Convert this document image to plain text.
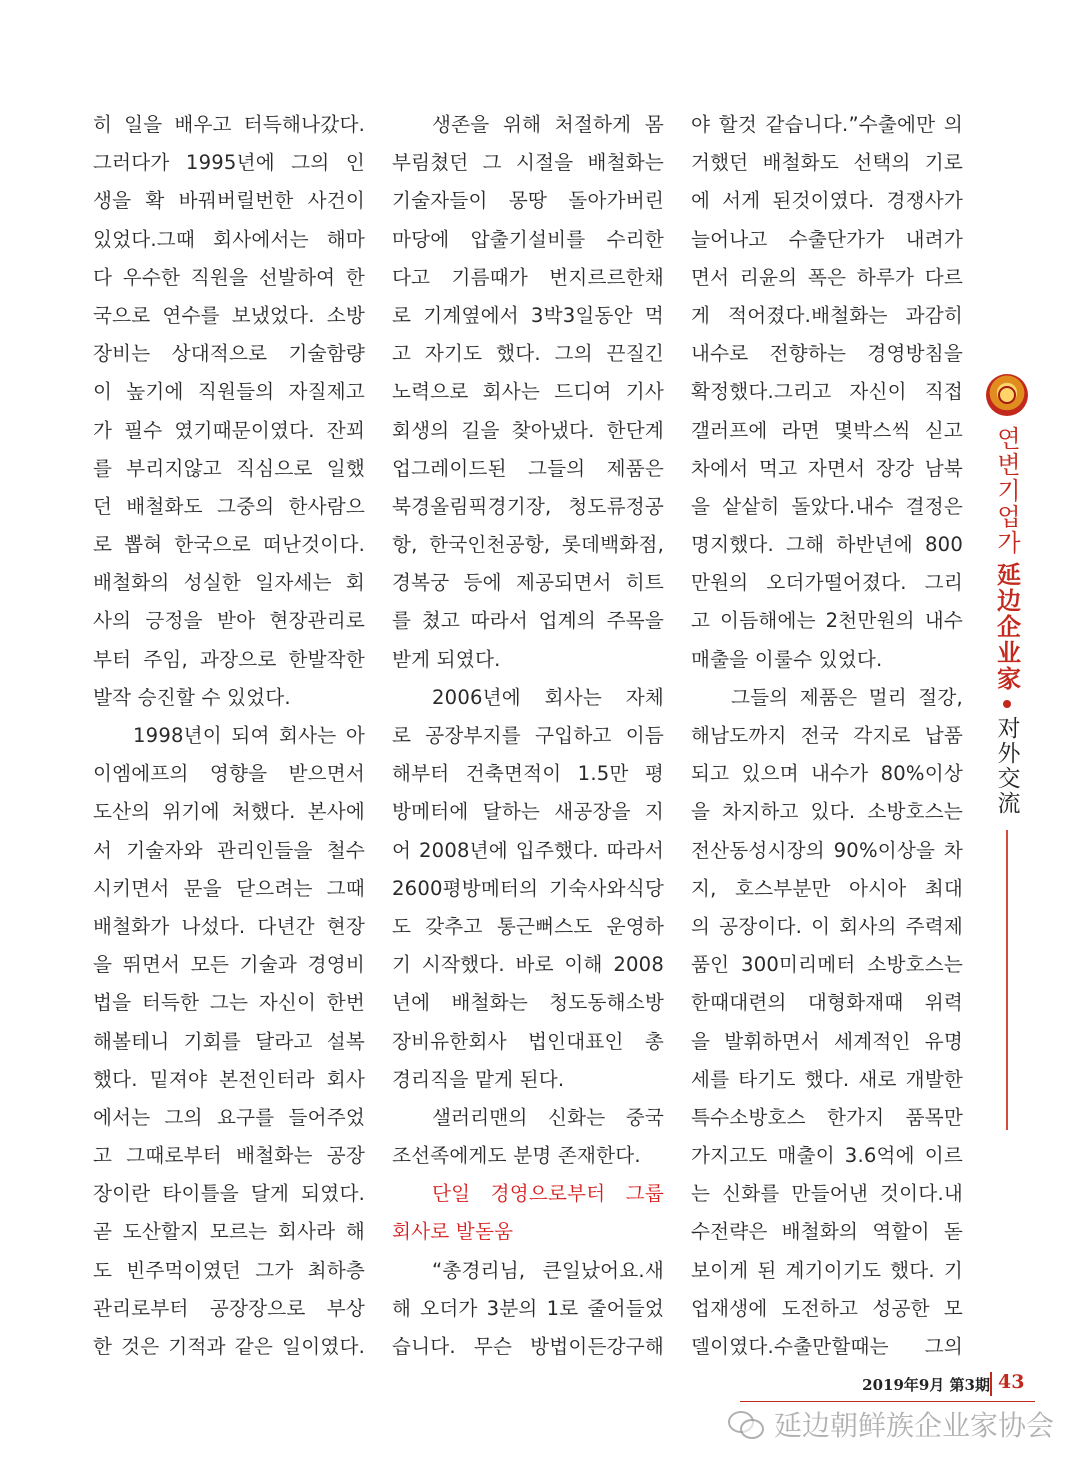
히 일을 배우고 터득해나갔다.
그러다가 1995년에 그의 인
생을 확 바꿔버릴번한 사건이
있었다.그때 회사에서는 해마
다 우수한 직원을 선발하여 한
국으로 연수를 보냈었다. 소방
장비는 상대적으로 기술함량
이 높기에 직원들의 자질제고
가 필수 였기때문이였다. 잔꾀
를 부리지않고 직심으로 일했
던 배철화도 그중의 한사람으
로 뽑혀 한국으로 떠난것이다.
배철화의 성실한 일자세는 회
사의 긍정을 받아 현장관리로
부터 주임, 과장으로 한발작한
발작 승진할 수 있었다.
1998년이 되여 회사는 아
이엠에프의 영향을 받으면서
도산의 위기에 처했다. 본사에
서 기술자와 관리인들을 철수
시키면서 문을 닫으려는 그때
배철화가 나섰다. 다년간 현장
을 뛰면서 모든 기술과 경영비
법을 터득한 그는 자신이 한번
해볼테니 기회를 달라고 설복
했다. 밑져야 본전인터라 회사
에서는 그의 요구를 들어주었
고 그때로부터 배철화는 공장
장이란 타이틀을 달게 되였다.
곧 도산할지 모르는 회사라 해
도 빈주먹이였던 그가 최하층
관리로부터 공장장으로 부상
한 것은 기적과 같은 일이였다.
생존을 위해 처절하게 몸
부림쳤던 그 시절을 배철화는
기술자들이 몽땅 돌아가버린
마당에 압출기설비를 수리한
다고 기름때가 번지르르한채
로 기계옆에서 3박3일동안 먹
고 자기도 했다. 그의 끈질긴
노력으로 회사는 드디여 기사
회생의 길을 찾아냈다. 한단계
업그레이드된 그들의 제품은
북경올림픽경기장, 청도류정공
항, 한국인천공항, 롯데백화점,
경복궁 등에 제공되면서 히트
를 쳤고 따라서 업계의 주목을
받게 되였다.
2006년에 회사는 자체
로 공장부지를 구입하고 이듬
해부터 건축면적이 1.5만 평
방메터에 달하는 새공장을 지
어 2008년에 입주했다. 따라서
2600평방메터의 기숙사와식당
도 갖추고 통근뻐스도 운영하
기 시작했다. 바로 이해 2008
년에 배철화는 청도동해소방
장비유한회사 법인대표인 총
경리직을 맡게 된다.
샐러리맨의 신화는 중국
조선족에게도 분명 존재한다.
단일 경영으로부터 그룹
회사로 발돋움
“총경리님, 큰일났어요.새
해 오더가 3분의 1로 줄어들었
습니다. 무슨 방법이든강구해
야 할것 같습니다.”수출에만 의
거했던 배철화도 선택의 기로
에 서게 된것이였다. 경쟁사가
늘어나고 수출단가가 내려가
면서 리윤의 폭은 하루가 다르
게 적어졌다.배철화는 과감히
내수로 전향하는 경영방침을
확정했다.그리고 자신이 직접
갤러프에 라면 몇박스씩 싣고
차에서 먹고 자면서 장강 남북
을 샅샅히 돌았다.내수 결정은
명지했다. 그해 하반년에 800
만원의 오더가떨어졌다. 그리
고 이듬해에는 2천만원의 내수
매출을 이룰수 있었다.
그들의 제품은 멀리 절강,
해남도까지 전국 각지로 납품
되고 있으며 내수가 80%이상
을 차지하고 있다. 소방호스는
전산동성시장의 90%이상을 차
지, 호스부분만 아시아 최대
의 공장이다. 이 회사의 주력제
품인 300미리메터 소방호스는
한때대련의 대형화재때 위력
을 발휘하면서 세계적인 유명
세를 타기도 했다. 새로 개발한
특수소방호스 한가지 품목만
가지고도 매출이 3.6억에 이르
는 신화를 만들어낸 것이다.내
수전략은 배철화의 역할이 돋
보이게 된 계기이기도 했다. 기
업재생에 도전하고 성공한 모
델이였다.수출만할때는 그의
연변기업가
延边企业家
对外交流
2019年9月 第3期 43
延边朝鲜族企业家协会
